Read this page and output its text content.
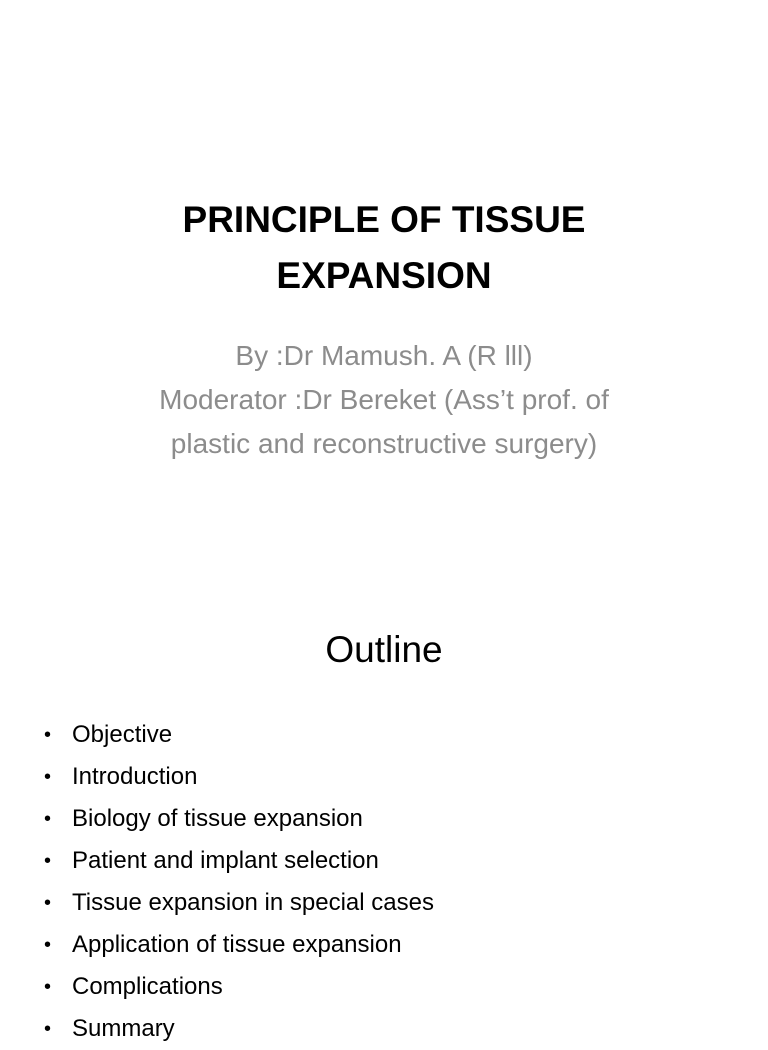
PRINCIPLE OF TISSUE
EXPANSION
By :Dr Mamush. A (R lll)
Moderator :Dr Bereket (Ass’t prof. of
plastic and reconstructive surgery)
Outline
• Objective
• Introduction
• Biology of tissue expansion
• Patient and implant selection
• Tissue expansion in special cases
• Application of tissue expansion
• Complications
• Summary
